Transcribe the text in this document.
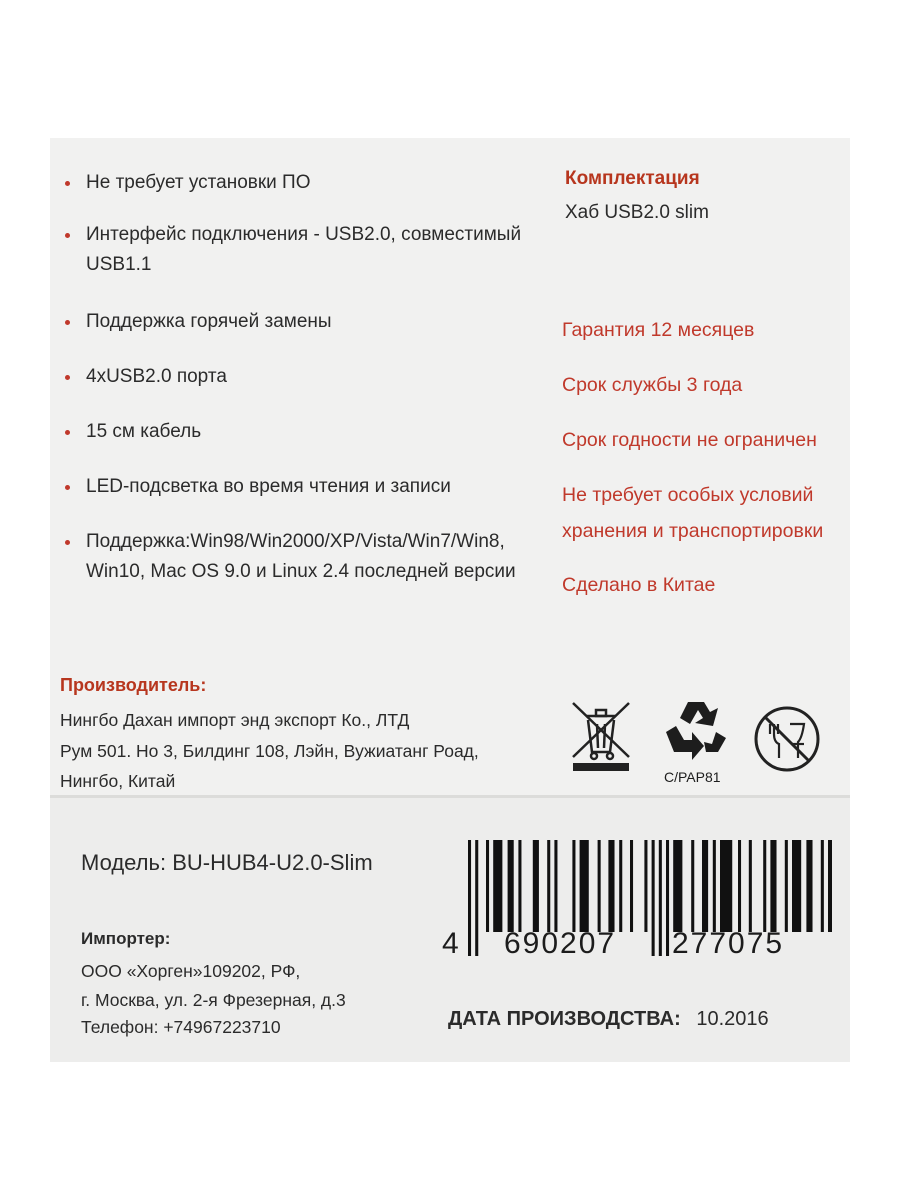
Не требует установки ПО
Интерфейс подключения - USB2.0, совместимый USB1.1
Поддержка горячей замены
4xUSB2.0 порта
15 см кабель
LED-подсветка во время чтения и записи
Поддержка:Win98/Win2000/XP/Vista/Win7/Win8, Win10, Mac OS 9.0 и Linux 2.4 последней версии
Комплектация
Хаб USB2.0 slim
Гарантия 12 месяцев
Срок службы 3 года
Срок годности не ограничен
Не требует особых условий
хранения и транспортировки
Сделано в Китае
Производитель:
Нингбо Дахан импорт энд экспорт Ко., ЛТД
Рум 501. Но 3, Билдинг 108, Лэйн, Вужиатанг Роад,
Нингбо, Китай	C/PAP81
Модель: BU-HUB4-U2.0-Slim
Импортер:
ООО «Хорген»109202, РФ,
г. Москва, ул. 2-я Фрезерная, д.3
Телефон: +74967223710
4 690207 277075
ДАТА ПРОИЗВОДСТВА: 10.2016
